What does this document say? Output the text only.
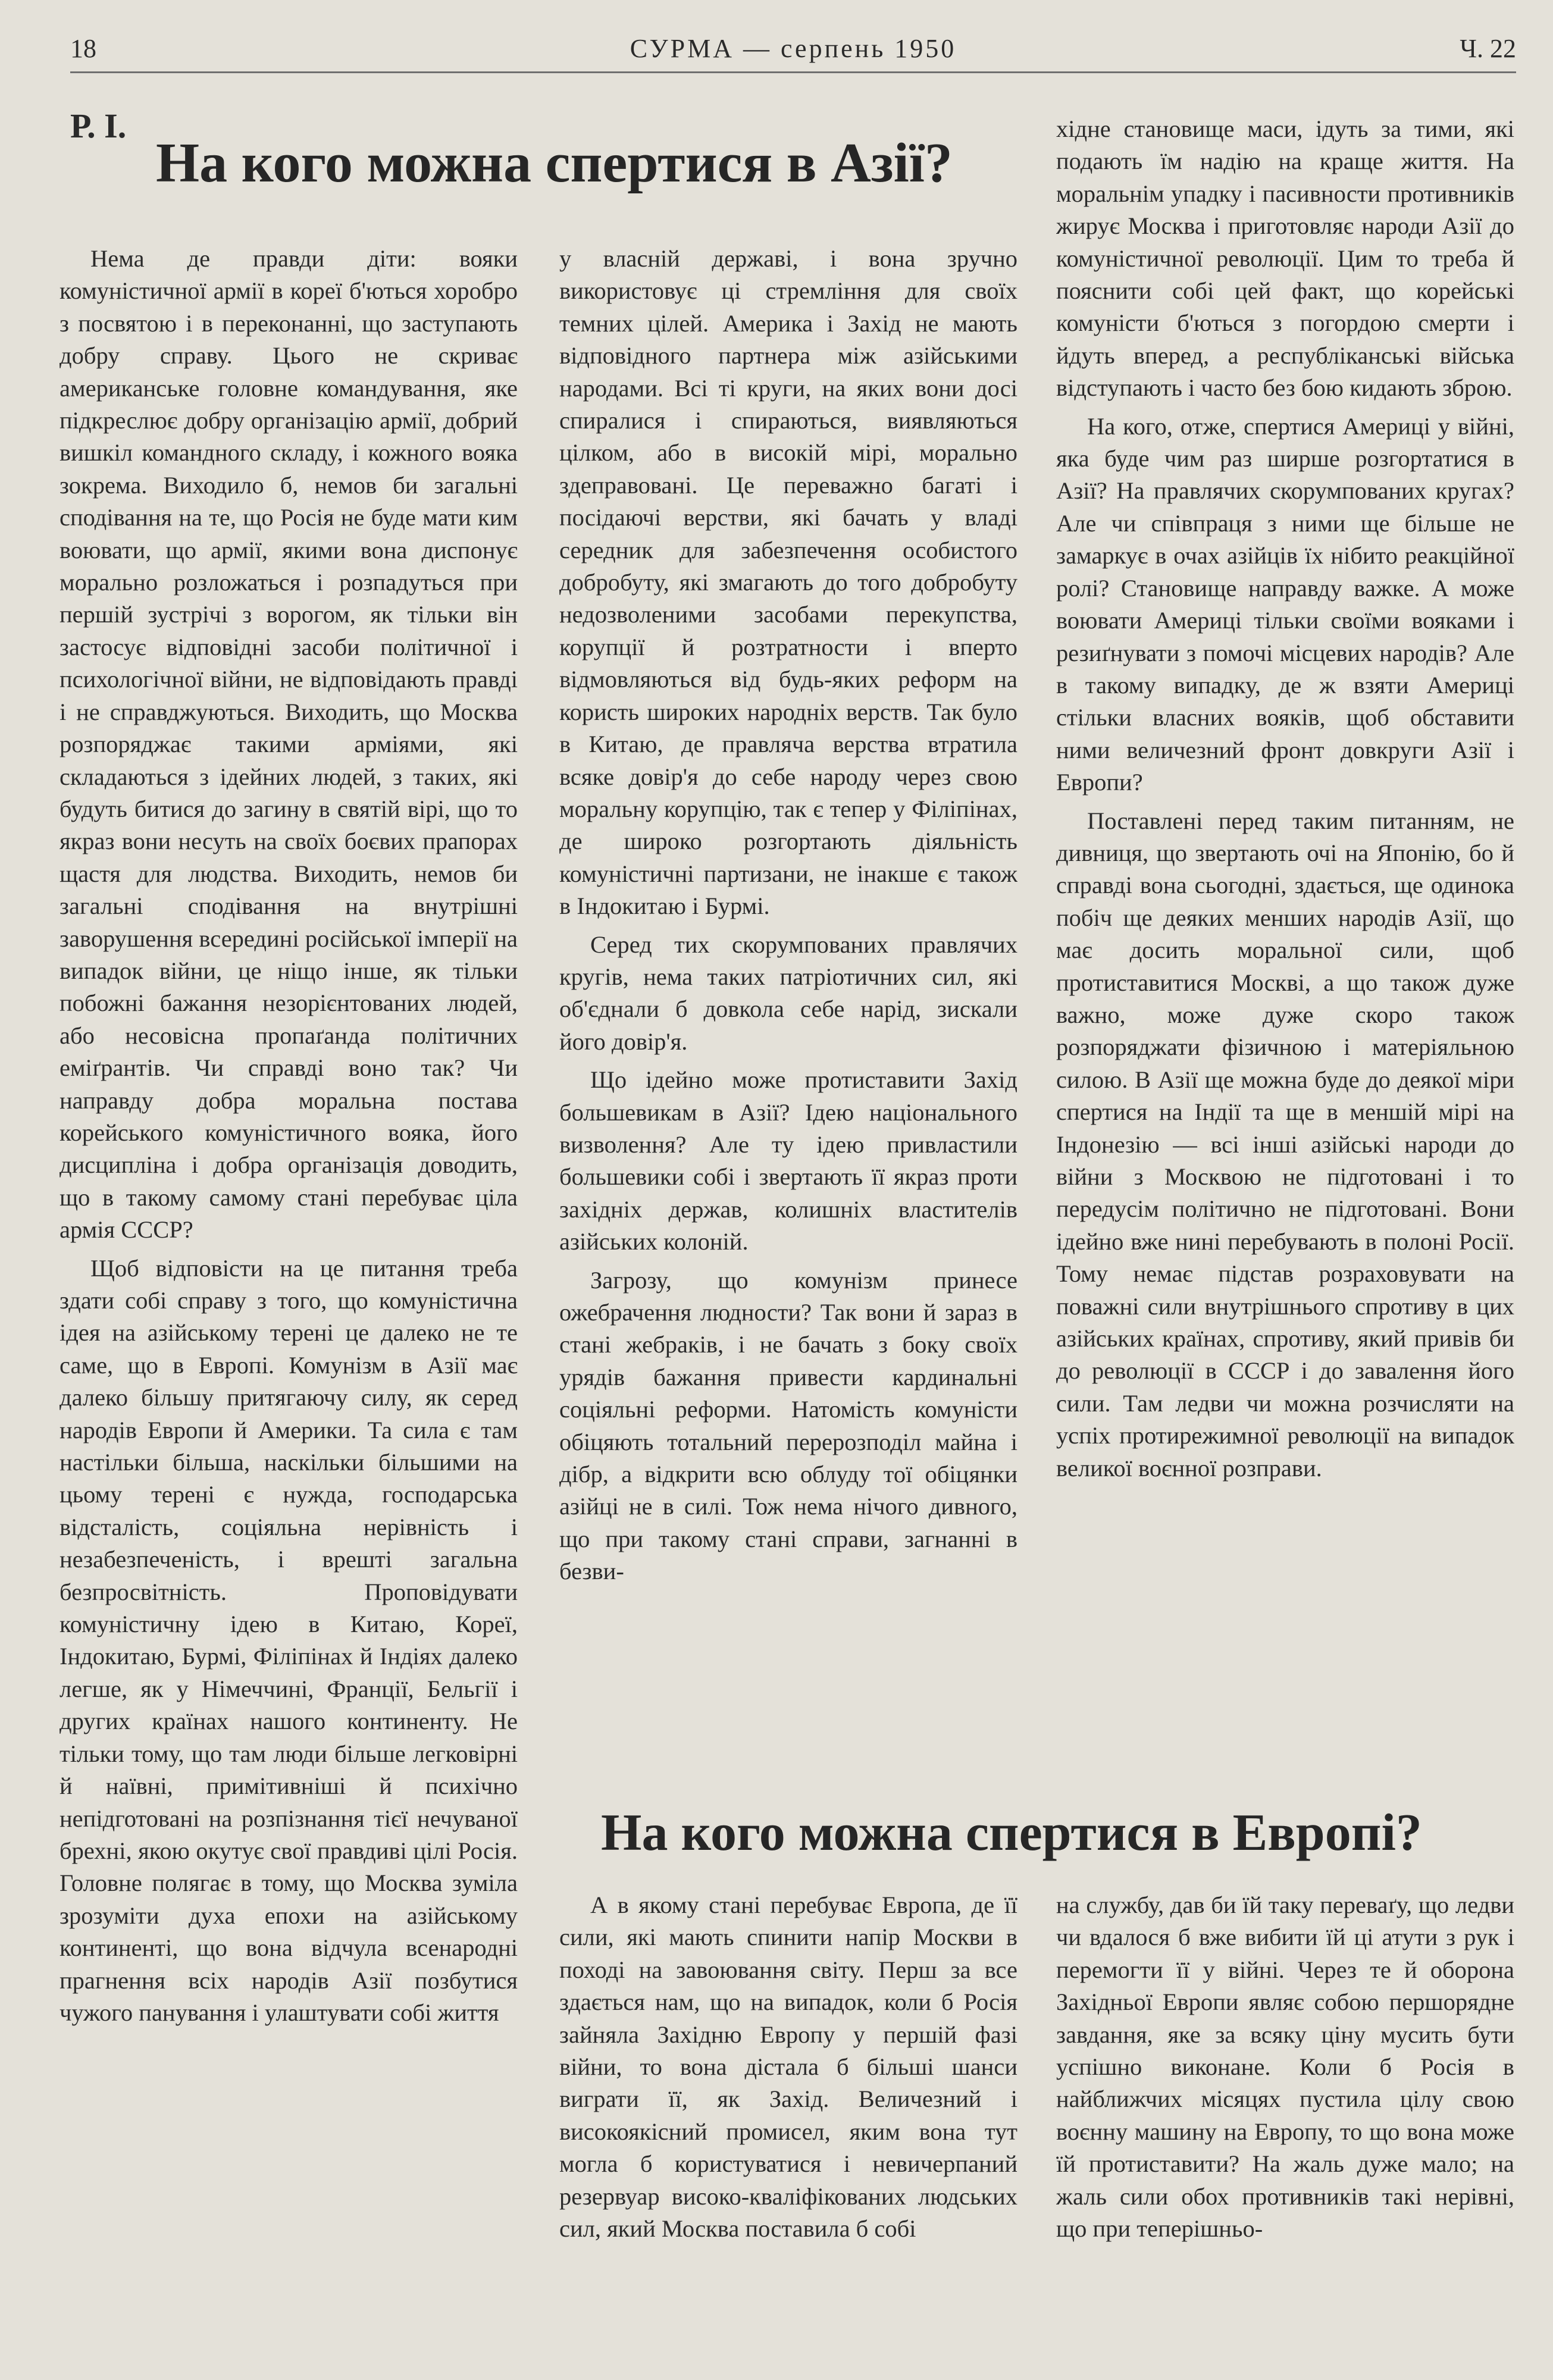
18	СУРМА — серпень 1950	Ч. 22
Р. І.
На кого можна спертися в Азії?

Нема де правди діти: вояки комуністичної армії в кореї б'ються хоробро з посвятою і в переконанні, що заступають добру справу. Цього не скриває американське головне командування, яке підкреслює добру організацію армії, добрий вишкіл командного складу, і кожного вояка зокрема. Виходило б, немов би загальні сподівання на те, що Росія не буде мати ким воювати, що армії, якими вона диспонує морально розложаться і розпадуться при першій зустрічі з ворогом, як тільки він застосує відповідні засоби політичної і психологічної війни, не відповідають правді і не справджуються. Виходить, що Москва розпоряджає такими арміями, які складаються з ідейних людей, з таких, які будуть битися до загину в святій вірі, що то якраз вони несуть на своїх боєвих прапорах щастя для людства. Виходить, немов би загальні сподівання на внутрішні заворушення всередині російської імперії на випадок війни, це ніщо інше, як тільки побожні бажання незорієнтованих людей, або несовісна пропаґанда політичних еміґрантів. Чи справді воно так? Чи направду добра моральна постава корейського комуністичного вояка, його дисципліна і добра організація доводить, що в такому самому стані перебуває ціла армія СССР?

Щоб відповісти на це питання треба здати собі справу з того, що комуністична ідея на азійському терені це далеко не те саме, що в Европі. Комунізм в Азії має далеко більшу притягаючу силу, як серед народів Европи й Америки. Та сила є там настільки більша, наскільки більшими на цьому терені є нужда, господарська відсталість, соціяльна нерівність і незабезпеченість, і врешті загальна безпросвітність. Проповідувати комуністичну ідею в Китаю, Кореї, Індокитаю, Бурмі, Філіпінах й Індіях далеко легше, як у Німеччині, Франції, Бельгії і других країнах нашого континенту. Не тільки тому, що там люди більше легковірні й наївні, примітивніші й психічно непідготовані на розпізнання тієї нечуваної брехні, якою окутує свої правдиві цілі Росія. Головне полягає в тому, що Москва зуміла зрозуміти духа епохи на азійському континенті, що вона відчула всенародні прагнення всіх народів Азії позбутися чужого панування і улаштувати собі життя

у власній державі, і вона зручно використовує ці стремління для своїх темних цілей. Америка і Захід не мають відповідного партнера між азійськими народами. Всі ті круги, на яких вони досі спиралися і спираються, виявляються цілком, або в високій мірі, морально здеправовані. Це переважно багаті і посідаючі верстви, які бачать у владі середник для забезпечення особистого добробуту, які змагають до того добробуту недозволеними засобами перекупства, корупції й розтратности і вперто відмовляються від будь-яких реформ на користь широких народніх верств. Так було в Китаю, де правляча верства втратила всяке довір'я до себе народу через свою моральну корупцію, так є тепер у Філіпінах, де широко розгортають діяльність комуністичні партизани, не інакше є також в Індокитаю і Бурмі.

Серед тих скорумпованих правлячих кругів, нема таких патріотичних сил, які об'єднали б довкола себе нарід, зискали його довір'я.

Що ідейно може протиставити Захід большевикам в Азії? Ідею національного визволення? Але ту ідею привластили большевики собі і звертають її якраз проти західніх держав, колишніх властителів азійських колоній.

Загрозу, що комунізм принесе ожебрачення людности? Так вони й зараз в стані жебраків, і не бачать з боку своїх урядів бажання привести кардинальні соціяльні реформи. Натомість комуністи обіцяють тотальний перерозподіл майна і дібр, а відкрити всю облуду тої обіцянки азійці не в силі. Тож нема нічого дивного, що при такому стані справи, загнанні в безви-

хідне становище маси, ідуть за тими, які подають їм надію на краще життя. На моральнім упадку і пасивности противників жирує Москва і приготовляє народи Азії до комуністичної революції. Цим то треба й пояснити собі цей факт, що корейські комуністи б'ються з погордою смерти і йдуть вперед, а республіканські війська відступають і часто без бою кидають зброю.

На кого, отже, спертися Америці у війні, яка буде чим раз ширше розгортатися в Азії? На правлячих скорумпованих кругах? Але чи співпраця з ними ще більше не замаркує в очах азійців їх нібито реакційної ролі? Становище направду важке. А може воювати Америці тільки своїми вояками і резиґнувати з помочі місцевих народів? Але в такому випадку, де ж взяти Америці стільки власних вояків, щоб обставити ними величезний фронт довкруги Азії і Европи?

Поставлені перед таким питанням, не дивниця, що звертають очі на Японію, бо й справді вона сьогодні, здається, ще одинока побіч ще деяких менших народів Азії, що має досить моральної сили, щоб протиставитися Москві, а що також дуже важно, може дуже скоро також розпоряджати фізичною і матеріяльною силою. В Азії ще можна буде до деякої міри спертися на Індії та ще в меншій мірі на Індонезію — всі інші азійські народи до війни з Москвою не підготовані і то передусім політично не підготовані. Вони ідейно вже нині перебувають в полоні Росії. Тому немає підстав розраховувати на поважні сили внутрішнього спротиву в цих азійських країнах, спротиву, який привів би до революції в СССР і до завалення його сили. Там ледви чи можна розчисляти на успіх протирежимної революції на випадок великої воєнної розправи.

На кого можна спертися в Европі?

А в якому стані перебуває Европа, де її сили, які мають спинити напір Москви в поході на завоювання світу. Перш за все здається нам, що на випадок, коли б Росія зайняла Західню Европу у першій фазі війни, то вона дістала б більші шанси виграти її, як Захід. Величезний і високоякісний промисел, яким вона тут могла б користуватися і невичерпаний резервуар високо-кваліфікованих людських сил, який Москва поставила б собі

на службу, дав би їй таку переваґу, що ледви чи вдалося б вже вибити їй ці атути з рук і перемогти її у війні. Через те й оборона Західньої Европи являє собою першорядне завдання, яке за всяку ціну мусить бути успішно виконане. Коли б Росія в найближчих місяцях пустила цілу свою воєнну машину на Европу, то що вона може їй протиставити? На жаль дуже мало; на жаль сили обох противників такі нерівні, що при теперішньо-
